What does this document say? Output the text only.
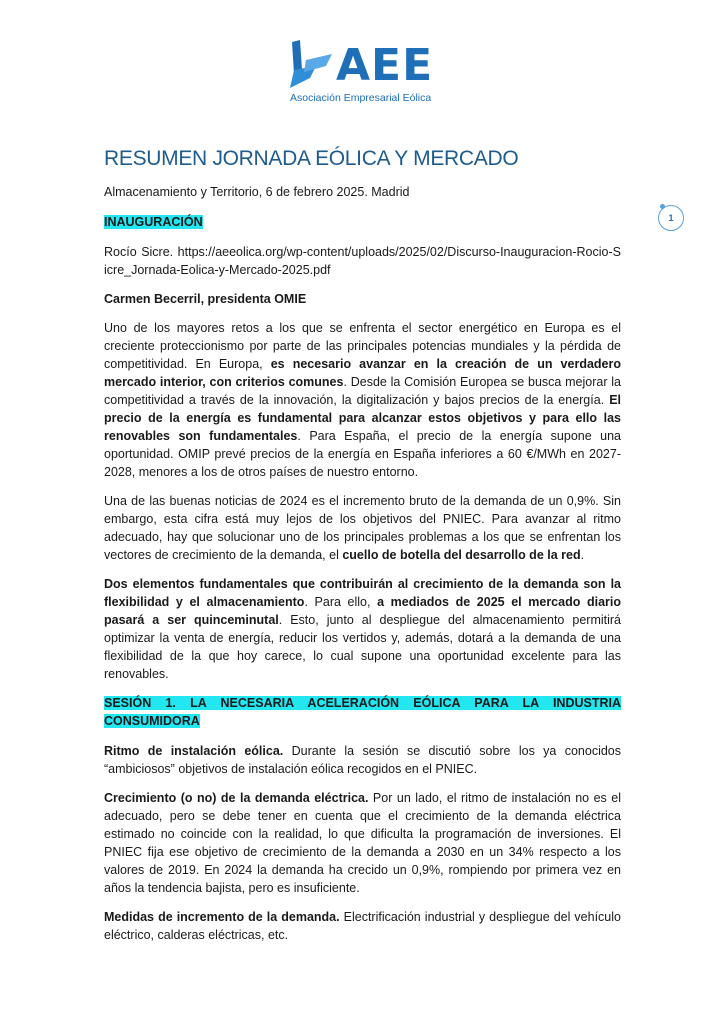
AEE
Asociación Empresarial Eólica
1
RESUMEN JORNADA EÓLICA Y MERCADO

Almacenamiento y Territorio, 6 de febrero 2025. Madrid

INAUGURACIÓN

Rocío Sicre. https://aeeolica.org/wp-content/uploads/2025/02/Discurso-Inauguracion-Rocio-Sicre_Jornada-Eolica-y-Mercado-2025.pdf

Carmen Becerril, presidenta OMIE

Uno de los mayores retos a los que se enfrenta el sector energético en Europa es el creciente proteccionismo por parte de las principales potencias mundiales y la pérdida de competitividad. En Europa, es necesario avanzar en la creación de un verdadero mercado interior, con criterios comunes. Desde la Comisión Europea se busca mejorar la competitividad a través de la innovación, la digitalización y bajos precios de la energía. El precio de la energía es fundamental para alcanzar estos objetivos y para ello las renovables son fundamentales. Para España, el precio de la energía supone una oportunidad. OMIP prevé precios de la energía en España inferiores a 60 €/MWh en 2027-2028, menores a los de otros países de nuestro entorno.

Una de las buenas noticias de 2024 es el incremento bruto de la demanda de un 0,9%. Sin embargo, esta cifra está muy lejos de los objetivos del PNIEC. Para avanzar al ritmo adecuado, hay que solucionar uno de los principales problemas a los que se enfrentan los vectores de crecimiento de la demanda, el cuello de botella del desarrollo de la red.

Dos elementos fundamentales que contribuirán al crecimiento de la demanda son la flexibilidad y el almacenamiento. Para ello, a mediados de 2025 el mercado diario pasará a ser quinceminutal. Esto, junto al despliegue del almacenamiento permitirá optimizar la venta de energía, reducir los vertidos y, además, dotará a la demanda de una flexibilidad de la que hoy carece, lo cual supone una oportunidad excelente para las renovables.

SESIÓN 1. LA NECESARIA ACELERACIÓN EÓLICA PARA LA INDUSTRIA CONSUMIDORA

Ritmo de instalación eólica. Durante la sesión se discutió sobre los ya conocidos “ambiciosos” objetivos de instalación eólica recogidos en el PNIEC.

Crecimiento (o no) de la demanda eléctrica. Por un lado, el ritmo de instalación no es el adecuado, pero se debe tener en cuenta que el crecimiento de la demanda eléctrica estimado no coincide con la realidad, lo que dificulta la programación de inversiones. El PNIEC fija ese objetivo de crecimiento de la demanda a 2030 en un 34% respecto a los valores de 2019. En 2024 la demanda ha crecido un 0,9%, rompiendo por primera vez en años la tendencia bajista, pero es insuficiente.

Medidas de incremento de la demanda. Electrificación industrial y despliegue del vehículo eléctrico, calderas eléctricas, etc.
